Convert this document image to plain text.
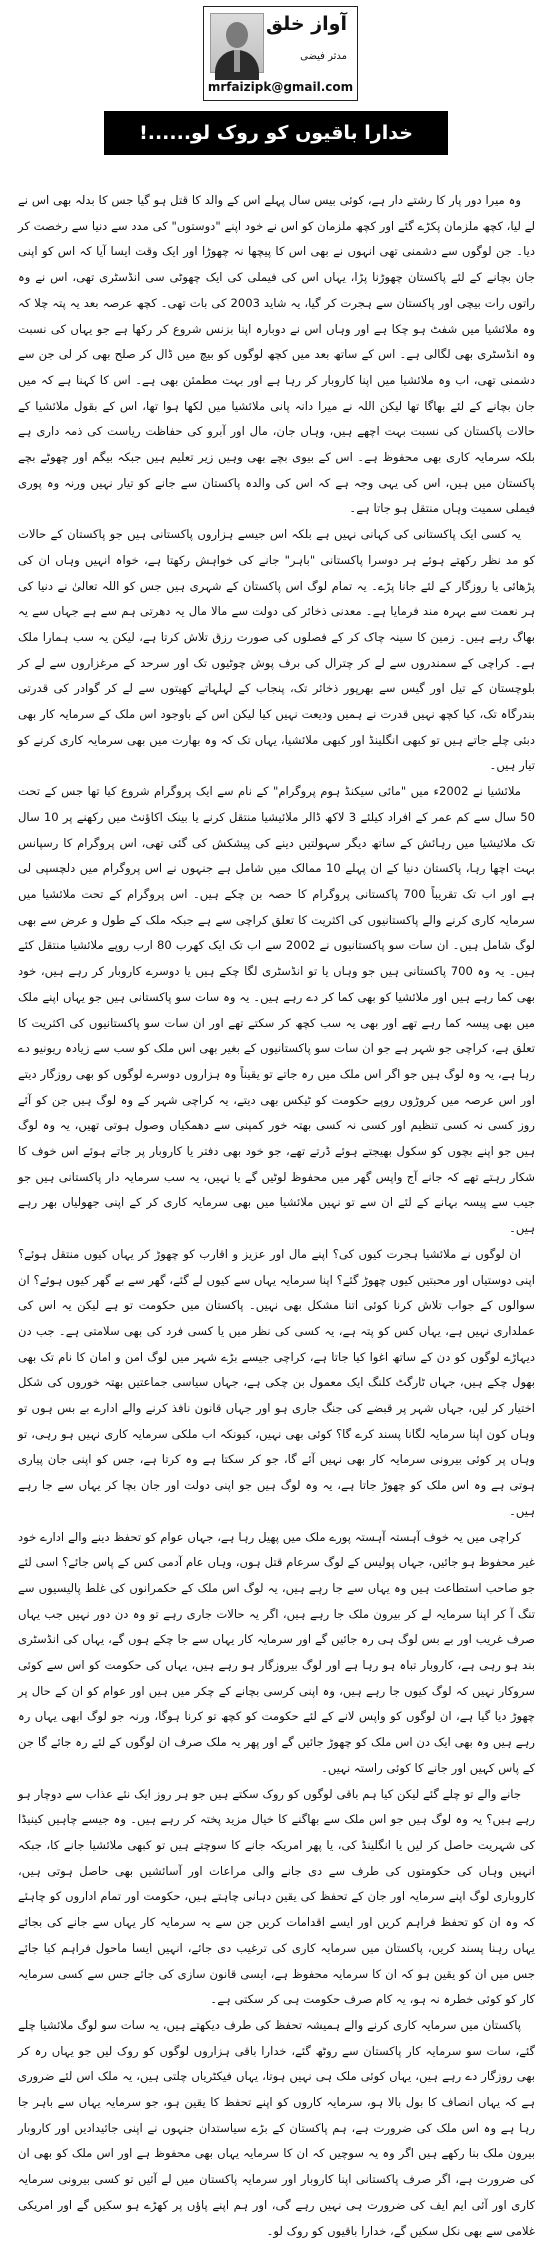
آواز خلق
مدثر فیضی
mrfaizipk@gmail.com
خدارا باقیوں کو روک لو......!

وہ میرا دور پار کا رشتے دار ہے، کوئی بیس سال پہلے اس کے والد کا قتل ہو گیا جس کا بدلہ بھی اس نے لے لیا، کچھ ملزمان پکڑے گئے اور کچھ ملزمان کو اس نے خود اپنے "دوستوں" کی مدد سے دنیا سے رخصت کر دیا۔ جن لوگوں سے دشمنی تھی انہوں نے بھی اس کا پیچھا نہ چھوڑا اور ایک وقت ایسا آیا کہ اس کو اپنی جان بچانے کے لئے پاکستان چھوڑنا پڑا، یہاں اس کی فیملی کی ایک چھوٹی سی انڈسٹری تھی، اس نے وہ راتوں رات بیچی اور پاکستان سے ہجرت کر گیا، یہ شاید 2003 کی بات تھی۔ کچھ عرصہ بعد یہ پتہ چلا کہ وہ ملائشیا میں شفٹ ہو چکا ہے اور وہاں اس نے دوبارہ اپنا بزنس شروع کر رکھا ہے جو یہاں کی نسبت وہ انڈسٹری بھی لگالی ہے۔ اس کے ساتھ بعد میں کچھ لوگوں کو بیچ میں ڈال کر صلح بھی کر لی جن سے دشمنی تھی، اب وہ ملائشیا میں اپنا کاروبار کر رہا ہے اور بہت مطمئن بھی ہے۔ اس کا کہنا ہے کہ میں جان بچانے کے لئے بھاگا تھا لیکن اللہ نے میرا دانہ پانی ملائشیا میں لکھا ہوا تھا، اس کے بقول ملائشیا کے حالات پاکستان کی نسبت بہت اچھے ہیں، وہاں جان، مال اور آبرو کی حفاظت ریاست کی ذمہ داری ہے بلکہ سرمایہ کاری بھی محفوظ ہے۔ اس کے بیوی بچے بھی وہیں زیر تعلیم ہیں جبکہ بیگم اور چھوٹے بچے پاکستان میں ہیں، اس کی یہی وجہ ہے کہ اس کی والدہ پاکستان سے جانے کو تیار نہیں ورنہ وہ پوری فیملی سمیت وہاں منتقل ہو جاتا ہے۔

یہ کسی ایک پاکستانی کی کہانی نہیں ہے بلکہ اس جیسے ہزاروں پاکستانی ہیں جو پاکستان کے حالات کو مد نظر رکھتے ہوئے ہر دوسرا پاکستانی "باہر" جانے کی خواہش رکھتا ہے، خواہ انہیں وہاں ان کی پڑھائی یا روزگار کے لئے جانا پڑے۔ یہ تمام لوگ اس پاکستان کے شہری ہیں جس کو اللہ تعالیٰ نے دنیا کی ہر نعمت سے بہرہ مند فرمایا ہے۔ معدنی ذخائر کی دولت سے مالا مال یہ دھرتی ہم سے ہے جہاں سے یہ بھاگ رہے ہیں۔ زمین کا سینہ چاک کر کے فصلوں کی صورت رزق تلاش کرتا ہے، لیکن یہ سب ہمارا ملک ہے۔ کراچی کے سمندروں سے لے کر چترال کی برف پوش چوٹیوں تک اور سرحد کے مرغزاروں سے لے کر بلوچستان کے تیل اور گیس سے بھرپور ذخائر تک، پنجاب کے لہلہاتے کھیتوں سے لے کر گوادر کی قدرتی بندرگاہ تک، کیا کچھ نہیں قدرت نے ہمیں ودیعت نہیں کیا لیکن اس کے باوجود اس ملک کے سرمایہ کار بھی دبئی چلے جاتے ہیں تو کبھی انگلینڈ اور کبھی ملائشیا، یہاں تک کہ وہ بھارت میں بھی سرمایہ کاری کرنے کو تیار ہیں۔

ملائشیا نے 2002ء میں "مائی سیکنڈ ہوم پروگرام" کے نام سے ایک پروگرام شروع کیا تھا جس کے تحت 50 سال سے کم عمر کے افراد کیلئے 3 لاکھ ڈالر ملائیشیا منتقل کرنے یا بینک اکاؤنٹ میں رکھنے پر 10 سال تک ملائیشیا میں رہائش کے ساتھ دیگر سہولتیں دینے کی پیشکش کی گئی تھی، اس پروگرام کا رسپانس بہت اچھا رہا، پاکستان دنیا کے ان پہلے 10 ممالک میں شامل ہے جنہوں نے اس پروگرام میں دلچسپی لی ہے اور اب تک تقریباً 700 پاکستانی پروگرام کا حصہ بن چکے ہیں۔ اس پروگرام کے تحت ملائشیا میں سرمایہ کاری کرنے والے پاکستانیوں کی اکثریت کا تعلق کراچی سے ہے جبکہ ملک کے طول و عرض سے بھی لوگ شامل ہیں۔ ان سات سو پاکستانیوں نے 2002 سے اب تک ایک کھرب 80 ارب روپے ملائشیا منتقل کئے ہیں۔ یہ وہ 700 پاکستانی ہیں جو وہاں یا تو انڈسٹری لگا چکے ہیں یا دوسرے کاروبار کر رہے ہیں، خود بھی کما رہے ہیں اور ملائشیا کو بھی کما کر دے رہے ہیں۔ یہ وہ سات سو پاکستانی ہیں جو یہاں اپنے ملک میں بھی پیسہ کما رہے تھے اور بھی یہ سب کچھ کر سکتے تھے اور ان سات سو پاکستانیوں کی اکثریت کا تعلق ہے، کراچی جو شہر ہے جو ان سات سو پاکستانیوں کے بغیر بھی اس ملک کو سب سے زیادہ ریونیو دے رہا ہے، یہ وہ لوگ ہیں جو اگر اس ملک میں رہ جاتے تو یقیناً وہ ہزاروں دوسرے لوگوں کو بھی روزگار دیتے اور اس عرصہ میں کروڑوں روپے حکومت کو ٹیکس بھی دیتے، یہ کراچی شہر کے وہ لوگ ہیں جن کو آئے روز کسی نہ کسی تنظیم اور کسی نہ کسی بھتہ خور کمپنی سے دھمکیاں وصول ہوتی تھیں، یہ وہ لوگ ہیں جو اپنے بچوں کو سکول بھیجتے ہوئے ڈرتے تھے، جو خود بھی دفتر یا کاروبار پر جاتے ہوئے اس خوف کا شکار رہتے تھے کہ جانے آج واپس گھر میں محفوظ لوٹیں گے یا نہیں، یہ سب سرمایہ دار پاکستانی ہیں جو جیب سے پیسہ بہانے کے لئے ان سے تو نہیں ملائشیا میں بھی سرمایہ کاری کر کے اپنی جھولیاں بھر رہے ہیں۔

ان لوگوں نے ملائشیا ہجرت کیوں کی؟ اپنے مال اور عزیز و اقارب کو چھوڑ کر یہاں کیوں منتقل ہوئے؟ اپنی دوستیاں اور محبتیں کیوں چھوڑ گئے؟ اپنا سرمایہ یہاں سے کیوں لے گئے، گھر سے بے گھر کیوں ہوئے؟ ان سوالوں کے جواب تلاش کرنا کوئی اتنا مشکل بھی نہیں۔ پاکستان میں حکومت تو ہے لیکن یہ اس کی عملداری نہیں ہے، یہاں کس کو پتہ ہے، یہ کسی کی نظر میں یا کسی فرد کی بھی سلامتی ہے۔ جب دن دیہاڑے لوگوں کو دن کے ساتھ اغوا کیا جاتا ہے، کراچی جیسے بڑے شہر میں لوگ امن و امان کا نام تک بھی بھول چکے ہیں، جہاں ٹارگٹ کلنگ ایک معمول بن چکی ہے، جہاں سیاسی جماعتیں بھتہ خوروں کی شکل اختیار کر لیں، جہاں شہر پر قبضے کی جنگ جاری ہو اور جہاں قانون نافذ کرنے والے ادارے بے بس ہوں تو وہاں کون اپنا سرمایہ لگانا پسند کرے گا؟ کوئی بھی نہیں، کیونکہ اب ملکی سرمایہ کاری نہیں ہو رہی، تو وہاں پر کوئی بیرونی سرمایہ کار بھی نہیں آئے گا، جو کر سکتا ہے وہ کرتا ہے، جس کو اپنی جان پیاری ہوتی ہے وہ اس ملک کو چھوڑ جاتا ہے، یہ وہ لوگ ہیں جو اپنی دولت اور جان بچا کر یہاں سے جا رہے ہیں۔

کراچی میں یہ خوف آہستہ آہستہ پورے ملک میں پھیل رہا ہے، جہاں عوام کو تحفظ دینے والے ادارے خود غیر محفوظ ہو جائیں، جہاں پولیس کے لوگ سرعام قتل ہوں، وہاں عام آدمی کس کے پاس جائے؟ اسی لئے جو صاحب استطاعت ہیں وہ یہاں سے جا رہے ہیں، یہ لوگ اس ملک کے حکمرانوں کی غلط پالیسیوں سے تنگ آ کر اپنا سرمایہ لے کر بیرون ملک جا رہے ہیں، اگر یہ حالات جاری رہے تو وہ دن دور نہیں جب یہاں صرف غریب اور بے بس لوگ ہی رہ جائیں گے اور سرمایہ کار یہاں سے جا چکے ہوں گے، یہاں کی انڈسٹری بند ہو رہی ہے، کاروبار تباہ ہو رہا ہے اور لوگ بیروزگار ہو رہے ہیں، یہاں کی حکومت کو اس سے کوئی سروکار نہیں کہ لوگ کیوں جا رہے ہیں، وہ اپنی کرسی بچانے کے چکر میں ہیں اور عوام کو ان کے حال پر چھوڑ دیا گیا ہے، ان لوگوں کو واپس لانے کے لئے حکومت کو کچھ تو کرنا ہوگا، ورنہ جو لوگ ابھی یہاں رہ رہے ہیں وہ بھی ایک دن اس ملک کو چھوڑ جائیں گے اور پھر یہ ملک صرف ان لوگوں کے لئے رہ جائے گا جن کے پاس کہیں اور جانے کا کوئی راستہ نہیں۔

جانے والے تو چلے گئے لیکن کیا ہم باقی لوگوں کو روک سکتے ہیں جو ہر روز ایک نئے عذاب سے دوچار ہو رہے ہیں؟ یہ وہ لوگ ہیں جو اس ملک سے بھاگنے کا خیال مزید پختہ کر رہے ہیں۔ وہ جیسے چاہیں کینیڈا کی شہریت حاصل کر لیں یا انگلینڈ کی، یا پھر امریکہ جانے کا سوچتے ہیں تو کبھی ملائشیا جانے کا، جبکہ انہیں وہاں کی حکومتوں کی طرف سے دی جانے والی مراعات اور آسائشیں بھی حاصل ہوتی ہیں، کاروباری لوگ اپنے سرمایہ اور جان کے تحفظ کی یقین دہانی چاہتے ہیں، حکومت اور تمام اداروں کو چاہئے کہ وہ ان کو تحفظ فراہم کریں اور ایسے اقدامات کریں جن سے یہ سرمایہ کار یہاں سے جانے کی بجائے یہاں رہنا پسند کریں، پاکستان میں سرمایہ کاری کی ترغیب دی جائے، انہیں ایسا ماحول فراہم کیا جائے جس میں ان کو یقین ہو کہ ان کا سرمایہ محفوظ ہے، ایسی قانون سازی کی جائے جس سے کسی سرمایہ کار کو کوئی خطرہ نہ ہو، یہ کام صرف حکومت ہی کر سکتی ہے۔

پاکستان میں سرمایہ کاری کرنے والے ہمیشہ تحفظ کی طرف دیکھتے ہیں، یہ سات سو لوگ ملائشیا چلے گئے، سات سو سرمایہ کار پاکستان سے روٹھ گئے، خدارا باقی ہزاروں لوگوں کو روک لیں جو یہاں رہ کر بھی روزگار دے رہے ہیں، یہاں کوئی ملک ہی نہیں ہوتا، یہاں فیکٹریاں چلتی ہیں، یہ ملک اس لئے ضروری ہے کہ یہاں انصاف کا بول بالا ہو، سرمایہ کاروں کو اپنے تحفظ کا یقین ہو، جو سرمایہ یہاں سے باہر جا رہا ہے وہ اس ملک کی ضرورت ہے، ہم پاکستان کے بڑے سیاستدان جنہوں نے اپنی جائیدادیں اور کاروبار بیرون ملک بنا رکھے ہیں اگر وہ یہ سوچیں کہ ان کا سرمایہ یہاں بھی محفوظ ہے اور اس ملک کو بھی ان کی ضرورت ہے، اگر صرف پاکستانی اپنا کاروبار اور سرمایہ پاکستان میں لے آئیں تو کسی بیرونی سرمایہ کاری اور آئی ایم ایف کی ضرورت ہی نہیں رہے گی، اور ہم اپنے پاؤں پر کھڑے ہو سکیں گے اور امریکی غلامی سے بھی نکل سکیں گے، خدارا باقیوں کو روک لو۔
